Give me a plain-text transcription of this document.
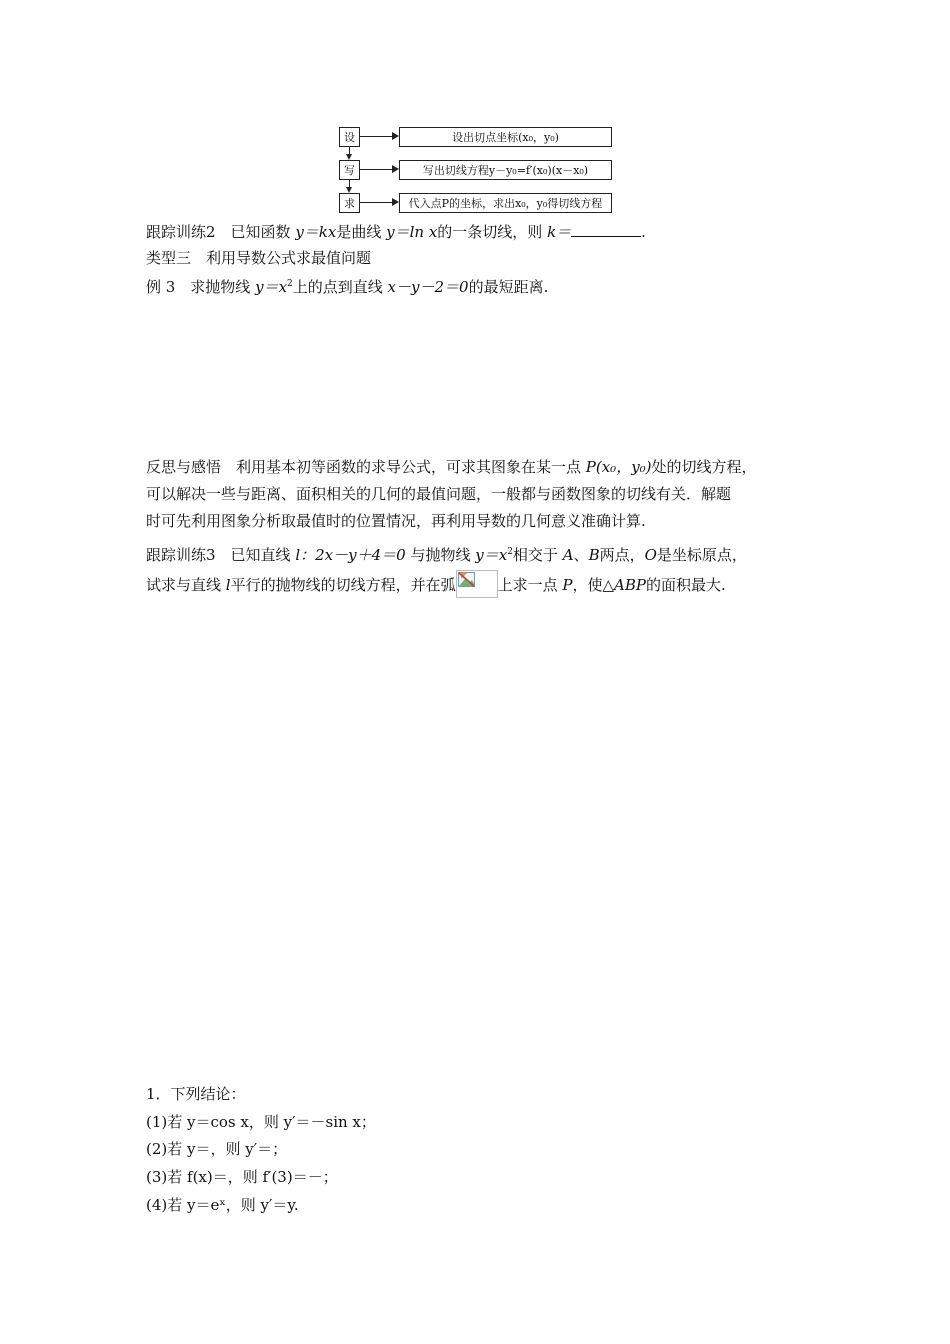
设
写
求
设出切点坐标(x₀，y₀)
写出切线方程y－y₀=f′(x₀)(x－x₀)
代入点P的坐标，求出x₀，y₀得切线方程
跟踪训练2　已知函数 y＝kx是曲线 y＝ln x的一条切线，则 k＝	.
类型三　利用导数公式求最值问题
例 3　求抛物线 $y=x^2$上的点到直线 x－y－2＝0的最短距离.
反思与感悟　利用基本初等函数的求导公式，可求其图象在某一点 P(x₀，y₀)处的切线方程，
可以解决一些与距离、面积相关的几何的最值问题，一般都与函数图象的切线有关．解题
时可先利用图象分析取最值时的位置情况，再利用导数的几何意义准确计算.
跟踪训练3　已知直线 l：2x－y＋4＝0 与抛物线 $y=x^2$相交于 A、B两点，O是坐标原点，
试求与直线 l平行的抛物线的切线方程，并在弧	上求一点 P，使△ABP的面积最大.
1．下列结论：
(1)若 y＝cos x，则 y′＝－sin x；
(2)若 y＝，则 y′＝；
(3)若 f(x)＝，则 f′(3)＝－；
(4)若 y＝eˣ，则 y′＝y.
